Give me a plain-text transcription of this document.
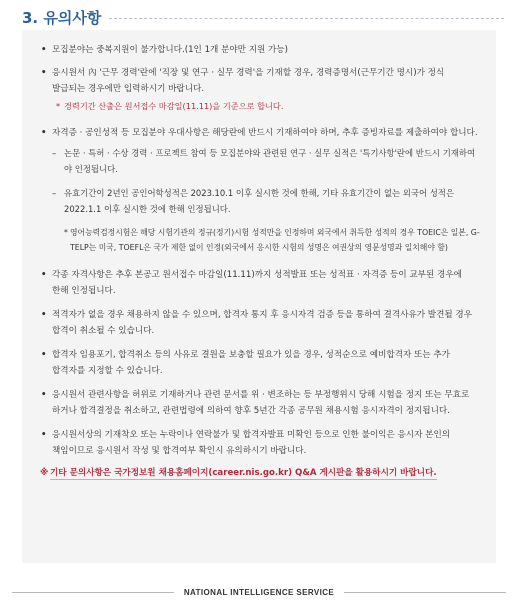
3. 유의사항
• 모집분야는 중복지원이 불가합니다.(1인 1개 분야만 지원 가능)
• 응시원서 內 '근무 경력'란에 '직장 및 연구 · 실무 경력'을 기재할 경우, 경력증명서(근무기간 명시)가 정식 발급되는 경우에만 입력하시기 바랍니다.
* 경력기간 산출은 원서접수 마감일(11.11)을 기준으로 합니다.
• 자격증 · 공인성적 등 모집분야 우대사항은 해당란에 반드시 기재하여야 하며, 추후 증빙자료를 제출하여야 합니다.
– 논문 · 특허 · 수상 경력 · 프로젝트 참여 등 모집분야와 관련된 연구 · 실무 실적은 '특기사항'란에 반드시 기재하여야 인정됩니다.
– 유효기간이 2년인 공인어학성적은 2023.10.1 이후 실시한 것에 한해, 기타 유효기간이 없는 외국어 성적은 2022.1.1 이후 실시한 것에 한해 인정됩니다.
* 영어능력검정시험은 해당 시험기관의 정규(정기)시험 성적만을 인정하며 외국에서 취득한 성적의 경우 TOEIC은 일본, G-TELP는 미국, TOEFL은 국가 제한 없이 인정(외국에서 응시한 시험의 성명은 여권상의 영문성명과 일치해야 함)
• 각종 자격사항은 추후 본공고 원서접수 마감일(11.11)까지 성적발표 또는 성적표 · 자격증 등이 교부된 경우에 한해 인정됩니다.
• 적격자가 없을 경우 채용하지 않을 수 있으며, 합격자 통지 후 응시자격 검증 등을 통하여 결격사유가 발견될 경우 합격이 취소될 수 있습니다.
• 합격자 임용포기, 합격취소 등의 사유로 결원을 보충할 필요가 있을 경우, 성적순으로 예비합격자 또는 추가 합격자를 지정할 수 있습니다.
• 응시원서 관련사항을 허위로 기재하거나 관련 문서를 위 · 변조하는 등 부정행위시 당해 시험을 정지 또는 무효로 하거나 합격결정을 취소하고, 관련법령에 의하여 향후 5년간 각종 공무원 채용시험 응시자격이 정지됩니다.
• 응시원서상의 기재착오 또는 누락이나 연락불가 및 합격자발표 미확인 등으로 인한 불이익은 응시자 본인의 책임이므로 응시원서 작성 및 합격여부 확인시 유의하시기 바랍니다.
※ 기타 문의사항은 국가정보원 채용홈페이지(career.nis.go.kr) Q&A 게시판을 활용하시기 바랍니다.
NATIONAL INTELLIGENCE SERVICE
